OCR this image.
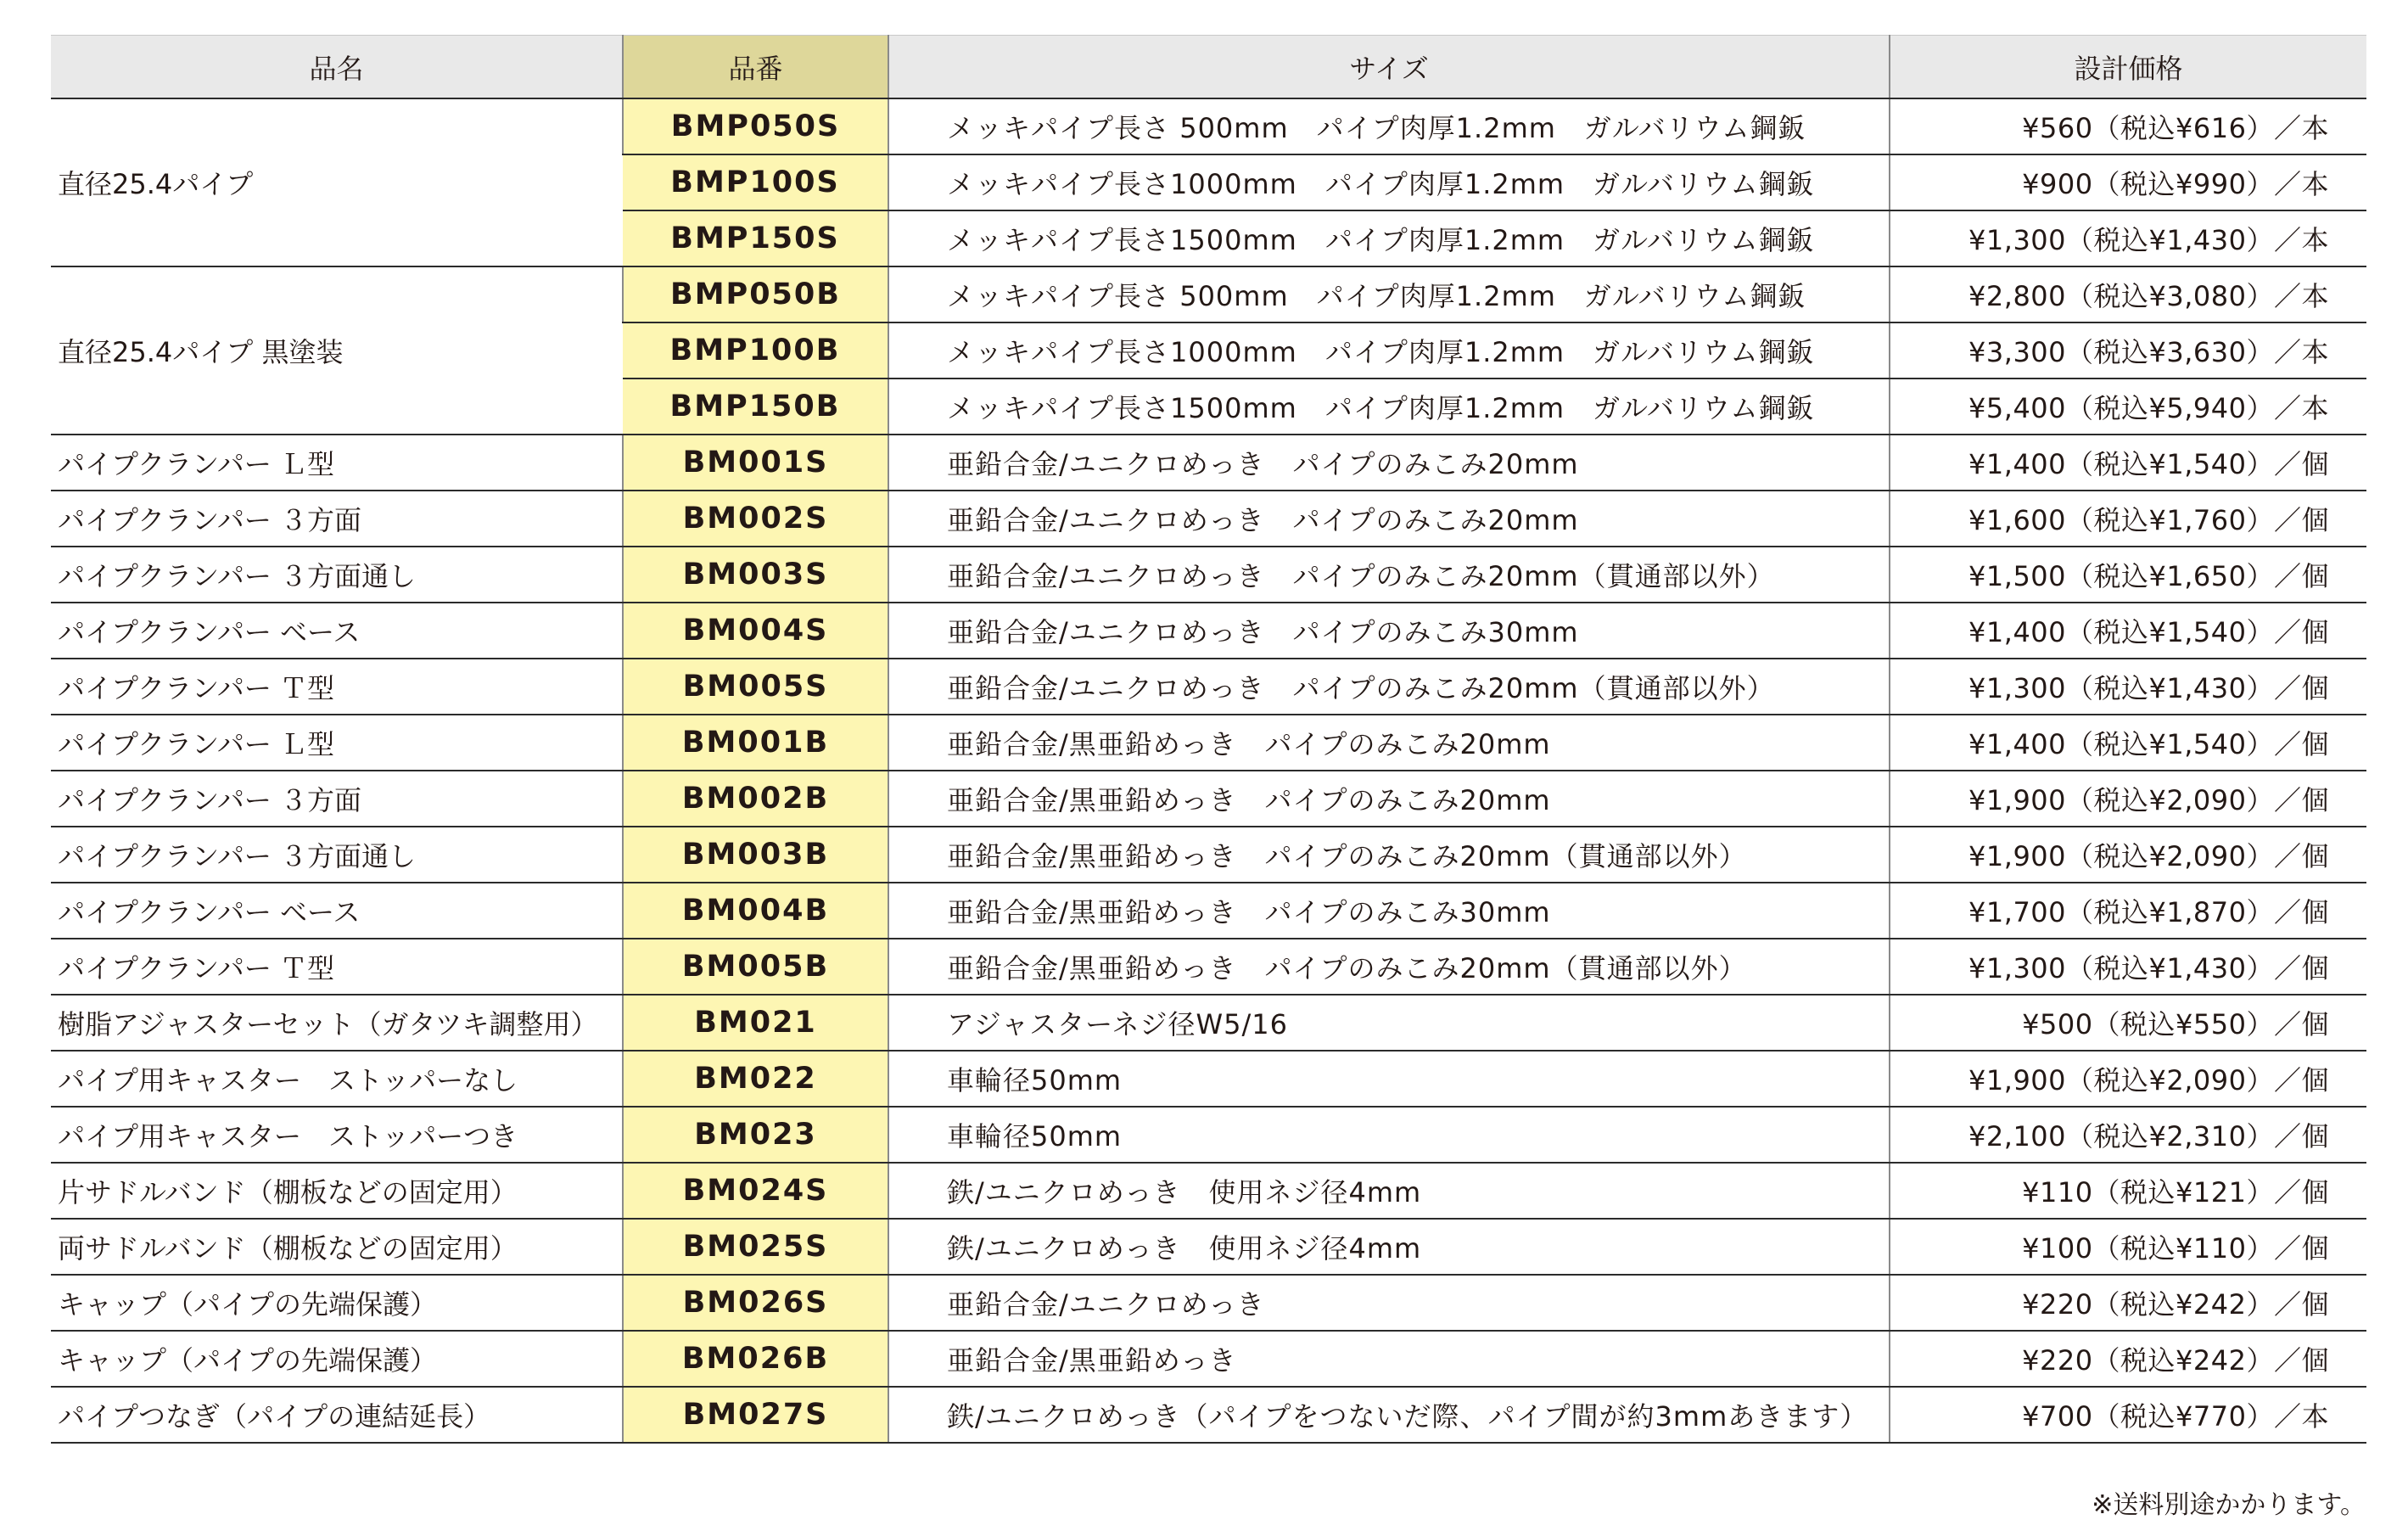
品名	品番	サイズ	設計価格
直径25.4パイプ	BMP050S	メッキパイプ長さ 500mm　パイプ肉厚1.2mm　ガルバリウム鋼鈑	¥560（税込¥616）／本
	BMP100S	メッキパイプ長さ1000mm　パイプ肉厚1.2mm　ガルバリウム鋼鈑	¥900（税込¥990）／本
	BMP150S	メッキパイプ長さ1500mm　パイプ肉厚1.2mm　ガルバリウム鋼鈑	¥1,300（税込¥1,430）／本
直径25.4パイプ 黒塗装	BMP050B	メッキパイプ長さ 500mm　パイプ肉厚1.2mm　ガルバリウム鋼鈑	¥2,800（税込¥3,080）／本
	BMP100B	メッキパイプ長さ1000mm　パイプ肉厚1.2mm　ガルバリウム鋼鈑	¥3,300（税込¥3,630）／本
	BMP150B	メッキパイプ長さ1500mm　パイプ肉厚1.2mm　ガルバリウム鋼鈑	¥5,400（税込¥5,940）／本
パイプクランパー Ｌ型	BM001S	亜鉛合金/ユニクロめっき　パイプのみこみ20mm	¥1,400（税込¥1,540）／個
パイプクランパー ３方面	BM002S	亜鉛合金/ユニクロめっき　パイプのみこみ20mm	¥1,600（税込¥1,760）／個
パイプクランパー ３方面通し	BM003S	亜鉛合金/ユニクロめっき　パイプのみこみ20mm（貫通部以外）	¥1,500（税込¥1,650）／個
パイプクランパー ベース	BM004S	亜鉛合金/ユニクロめっき　パイプのみこみ30mm	¥1,400（税込¥1,540）／個
パイプクランパー Ｔ型	BM005S	亜鉛合金/ユニクロめっき　パイプのみこみ20mm（貫通部以外）	¥1,300（税込¥1,430）／個
パイプクランパー Ｌ型	BM001B	亜鉛合金/黒亜鉛めっき　パイプのみこみ20mm	¥1,400（税込¥1,540）／個
パイプクランパー ３方面	BM002B	亜鉛合金/黒亜鉛めっき　パイプのみこみ20mm	¥1,900（税込¥2,090）／個
パイプクランパー ３方面通し	BM003B	亜鉛合金/黒亜鉛めっき　パイプのみこみ20mm（貫通部以外）	¥1,900（税込¥2,090）／個
パイプクランパー ベース	BM004B	亜鉛合金/黒亜鉛めっき　パイプのみこみ30mm	¥1,700（税込¥1,870）／個
パイプクランパー Ｔ型	BM005B	亜鉛合金/黒亜鉛めっき　パイプのみこみ20mm（貫通部以外）	¥1,300（税込¥1,430）／個
樹脂アジャスターセット（ガタツキ調整用）	BM021	アジャスターネジ径W5/16	¥500（税込¥550）／個
パイプ用キャスター　ストッパーなし	BM022	車輪径50mm	¥1,900（税込¥2,090）／個
パイプ用キャスター　ストッパーつき	BM023	車輪径50mm	¥2,100（税込¥2,310）／個
片サドルバンド（棚板などの固定用）	BM024S	鉄/ユニクロめっき　使用ネジ径4mm	¥110（税込¥121）／個
両サドルバンド（棚板などの固定用）	BM025S	鉄/ユニクロめっき　使用ネジ径4mm	¥100（税込¥110）／個
キャップ（パイプの先端保護）	BM026S	亜鉛合金/ユニクロめっき	¥220（税込¥242）／個
キャップ（パイプの先端保護）	BM026B	亜鉛合金/黒亜鉛めっき	¥220（税込¥242）／個
パイプつなぎ（パイプの連結延長）	BM027S	鉄/ユニクロめっき（パイプをつないだ際、パイプ間が約3mmあきます）	¥700（税込¥770）／本
※送料別途かかります。
